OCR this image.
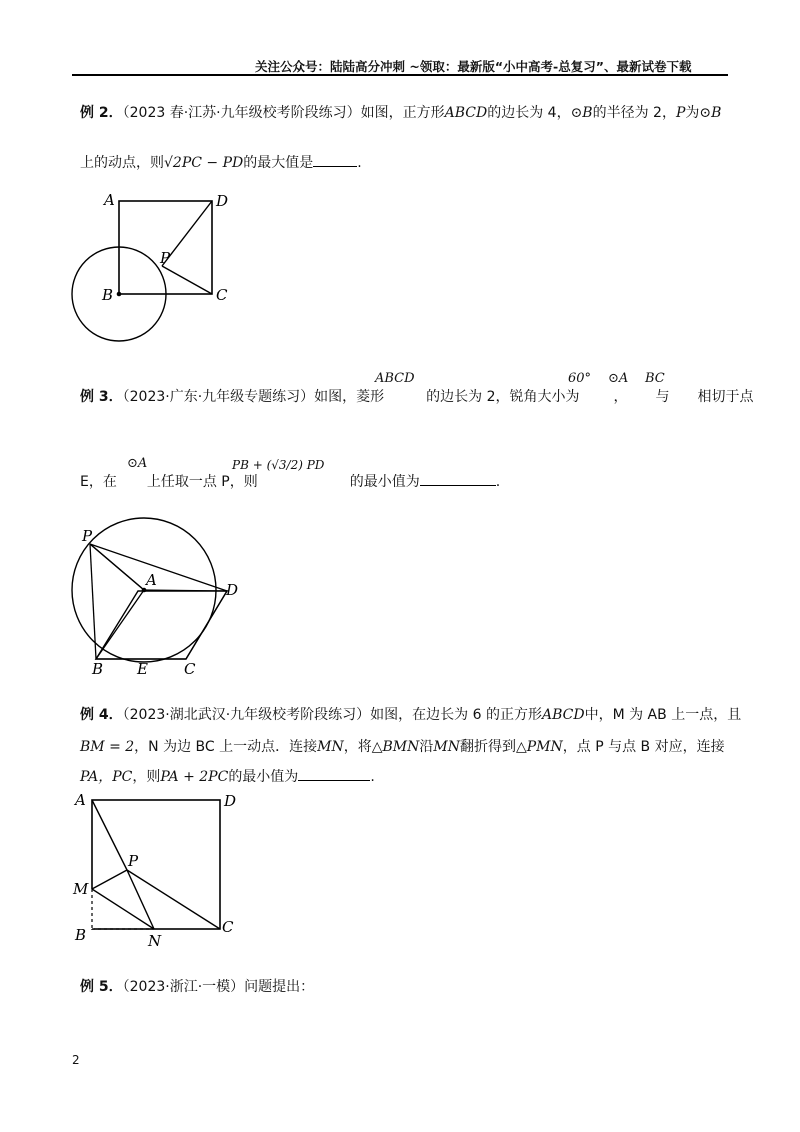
关注公众号：陆陆高分冲刺 ~领取：最新版“小中高考-总复习”、最新试卷下载
例 2．（2023 春·江苏·九年级校考阶段练习）如图，正方形ABCD的边长为 4，⊙B的半径为 2，P为⊙B
上的动点，则√2PC − PD的最大值是	.
A	D
P
B	C
P
A
D
B E C
A	D
P
M
B	N
C
例 3．（2023·广东·九年级专题练习）如图，菱形	的边长为 2，锐角大小为 ， 与 相切于点
ABCD	60° ⊙A BC
E，在 上任取一点 P，则	的最小值为	.
⊙A	PB + (√3/2) PD
例 4．（2023·湖北武汉·九年级校考阶段练习）如图，在边长为 6 的正方形ABCD中，M 为 AB 上一点，且
BM = 2，N 为边 BC 上一动点．连接MN，将△BMN沿MN翻折得到△PMN，点 P 与点 B 对应，连接
PA，PC，则PA + 2PC的最小值为	.
例 5．（2023·浙江·一模）问题提出：
2
